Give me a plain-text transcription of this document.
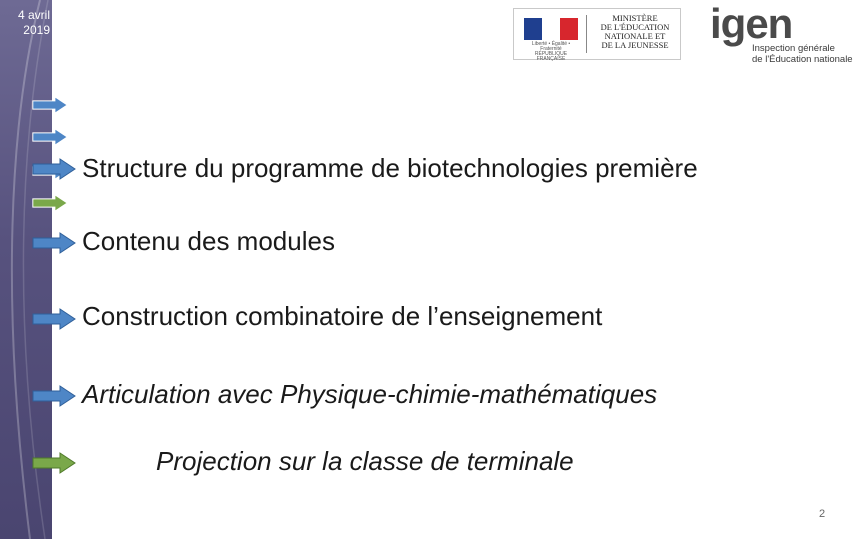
4 avril
2019
Liberté • Égalité • Fraternité
RÉPUBLIQUE FRANÇAISE
MINISTÈRE
DE L'ÉDUCATION
NATIONALE ET
DE LA JEUNESSE igen
Inspection générale
de l'Éducation nationale
Structure du programme de biotechnologies première
Contenu des modules
Construction combinatoire de l’enseignement
Articulation avec Physique-chimie-mathématiques
Projection sur la classe de terminale
2
